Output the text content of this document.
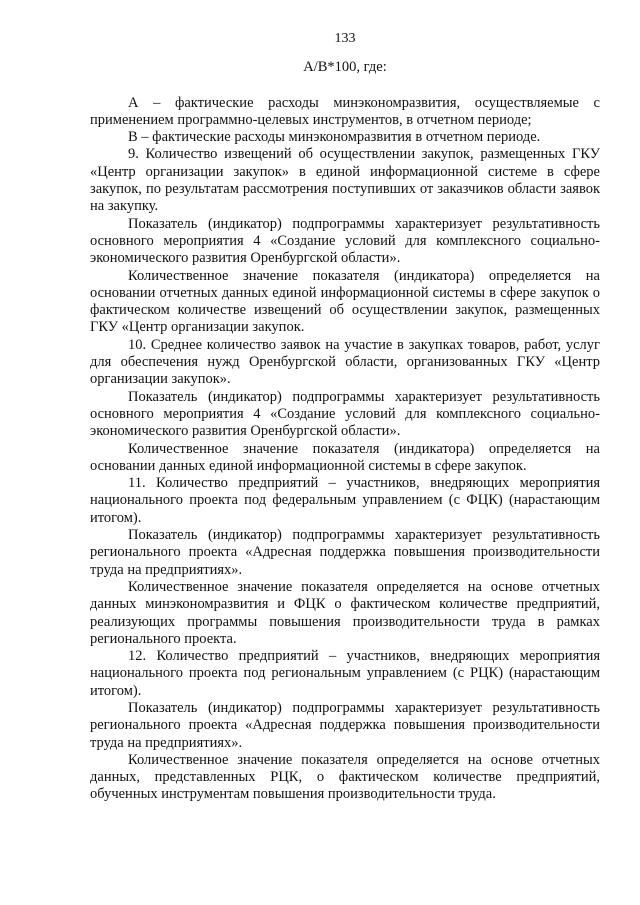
133
А/В*100, где:

А – фактические расходы минэкономразвития, осуществляемые с применением программно-целевых инструментов, в отчетном периоде;

В – фактические расходы минэкономразвития в отчетном периоде.

9. Количество извещений об осуществлении закупок, размещенных ГКУ «Центр организации закупок» в единой информационной системе в сфере закупок, по результатам рассмотрения поступивших от заказчиков области заявок на закупку.

Показатель (индикатор) подпрограммы характеризует результативность основного мероприятия 4 «Создание условий для комплексного социально-экономического развития Оренбургской области».

Количественное значение показателя (индикатора) определяется на основании отчетных данных единой информационной системы в сфере закупок о фактическом количестве извещений об осуществлении закупок, размещенных ГКУ «Центр организации закупок.

10. Среднее количество заявок на участие в закупках товаров, работ, услуг для обеспечения нужд Оренбургской области, организованных ГКУ «Центр организации закупок».

Показатель (индикатор) подпрограммы характеризует результативность основного мероприятия 4 «Создание условий для комплексного социально-экономического развития Оренбургской области».

Количественное значение показателя (индикатора) определяется на основании данных единой информационной системы в сфере закупок.

11. Количество предприятий – участников, внедряющих мероприятия национального проекта под федеральным управлением (с ФЦК) (нарастающим итогом).

Показатель (индикатор) подпрограммы характеризует результативность регионального проекта «Адресная поддержка повышения производительности труда на предприятиях».

Количественное значение показателя определяется на основе отчетных данных минэкономразвития и ФЦК о фактическом количестве предприятий, реализующих программы повышения производительности труда в рамках регионального проекта.

12. Количество предприятий – участников, внедряющих мероприятия национального проекта под региональным управлением (с РЦК) (нарастающим итогом).

Показатель (индикатор) подпрограммы характеризует результативность регионального проекта «Адресная поддержка повышения производительности труда на предприятиях».

Количественное значение показателя определяется на основе отчетных данных, представленных РЦК, о фактическом количестве предприятий, обученных инструментам повышения производительности труда.
